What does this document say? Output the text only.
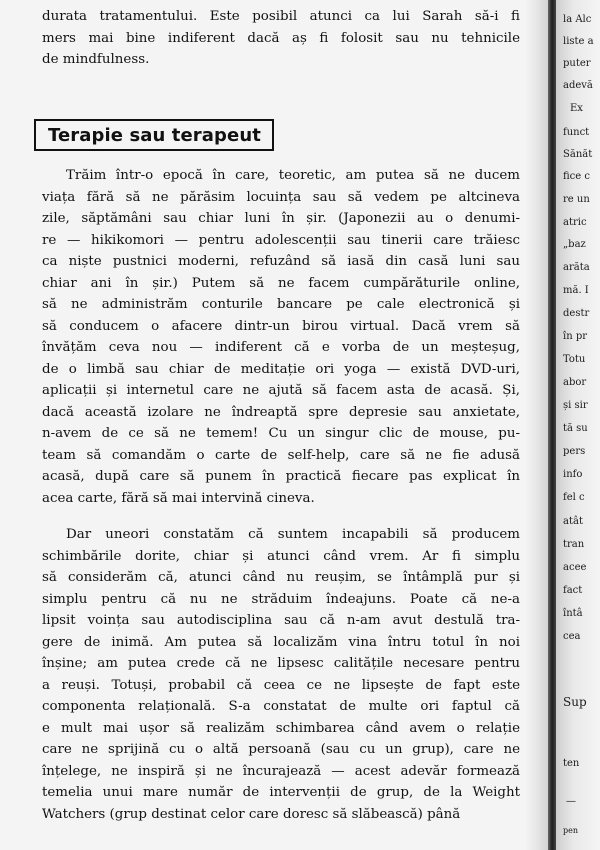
durata tratamentului. Este posibil atunci ca lui Sarah să-i fi
mers mai bine indiferent dacă aș fi folosit sau nu tehnicile
de mindfulness.
Terapie sau terapeut
Trăim într-o epocă în care, teoretic, am putea să ne ducem
viața fără să ne părăsim locuința sau să vedem pe altcineva
zile, săptămâni sau chiar luni în șir. (Japonezii au o denumi-
re — hikikomori — pentru adolescenții sau tinerii care trăiesc
ca niște pustnici moderni, refuzând să iasă din casă luni sau
chiar ani în șir.) Putem să ne facem cumpărăturile online,
să ne administrăm conturile bancare pe cale electronică și
să conducem o afacere dintr-un birou virtual. Dacă vrem să
învățăm ceva nou — indiferent că e vorba de un meșteșug,
de o limbă sau chiar de meditație ori yoga — există DVD-uri,
aplicații și internetul care ne ajută să facem asta de acasă. Și,
dacă această izolare ne îndreaptă spre depresie sau anxietate,
n-avem de ce să ne temem! Cu un singur clic de mouse, pu-
team să comandăm o carte de self-help, care să ne fie adusă
acasă, după care să punem în practică fiecare pas explicat în
acea carte, fără să mai intervină cineva.
Dar uneori constatăm că suntem incapabili să producem
schimbările dorite, chiar și atunci când vrem. Ar fi simplu
să considerăm că, atunci când nu reușim, se întâmplă pur și
simplu pentru că nu ne străduim îndeajuns. Poate că ne-a
lipsit voința sau autodisciplina sau că n-am avut destulă tra-
gere de inimă. Am putea să localizăm vina întru totul în noi
înșine; am putea crede că ne lipsesc calitățile necesare pentru
a reuși. Totuși, probabil că ceea ce ne lipsește de fapt este
componenta relațională. S-a constatat de multe ori faptul că
e mult mai ușor să realizăm schimbarea când avem o relație
care ne sprijină cu o altă persoană (sau cu un grup), care ne
înțelege, ne inspiră și ne încurajează — acest adevăr formează
temelia unui mare număr de intervenții de grup, de la Weight
Watchers (grup destinat celor care doresc să slăbească) până
la Alc
liste a
puter
adevă
Ex
funct
Sănăt
fice c
re un
atric
„baz
arăta
mă. I
destr
în pr
Totu
abor
și sir
tă su
pers
info
fel c
atât
tran
acee
fact
întâ
cea
Sup
ten
—
pen
